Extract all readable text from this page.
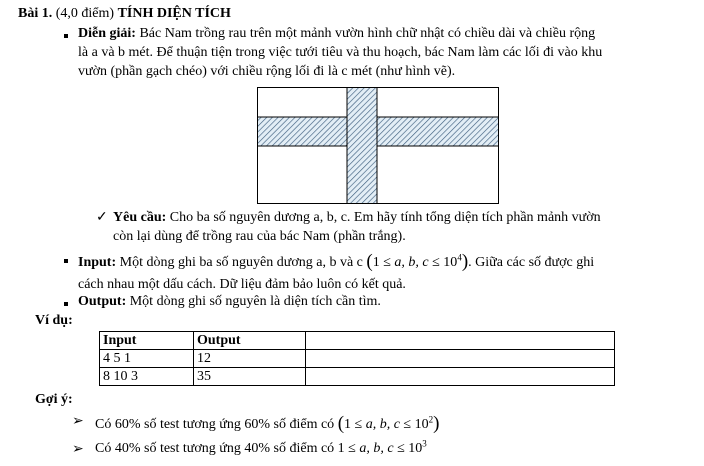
Bài 1. (4,0 điểm) TÍNH DIỆN TÍCH
Diễn giải: Bác Nam trồng rau trên một mảnh vườn hình chữ nhật có chiều dài và chiều rộng
là a và b mét. Để thuận tiện trong việc tưới tiêu và thu hoạch, bác Nam làm các lối đi vào khu
vườn (phần gạch chéo) với chiều rộng lối đi là c mét (như hình vẽ).
✓ Yêu cầu: Cho ba số nguyên dương a, b, c. Em hãy tính tổng diện tích phần mảnh vườn
còn lại dùng để trồng rau của bác Nam (phần trắng).
Input: Một dòng ghi ba số nguyên dương a, b và c (1 ≤ a, b, $c \le 10^4$). Giữa các số được ghi
cách nhau một dấu cách. Dữ liệu đảm bảo luôn có kết quả.
Output: Một dòng ghi số nguyên là diện tích cần tìm.
Ví dụ:
Input	Output	
4 5 1	12	
8 10 3	35	
Gợi ý:
➢ Có 60% số test tương ứng 60% số điểm có (1 ≤ a, b, $c \le 10^2$)
➢ Có 40% số test tương ứng 40% số điểm có 1 ≤ a, b, $c \le 10^3$
